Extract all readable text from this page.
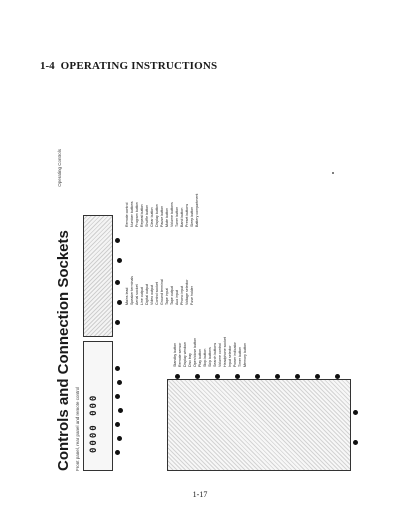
1-4 OPERATING INSTRUCTIONS
Controls and Connection Sockets Front panel, rear panel and remote control
Operating Controls
0000 000
Standby button Remote sensor Display window Disc tray Open/close button Play button Stop button Skip buttons Search buttons Volume control Headphone socket Input selector Power indicator Timer button Memory button
Mains lead Speaker terminals Aerial socket Line output Digital output Video output Control socket Ground terminal Tape input Tape output Aux input Phono input Voltage selector Fuse holder
Remote control Number buttons Program button Repeat button Shuffle button Clear button Display button Pause button Mute button Volume buttons Tuner button Band button Preset buttons Sleep button Battery compartment
1-17
